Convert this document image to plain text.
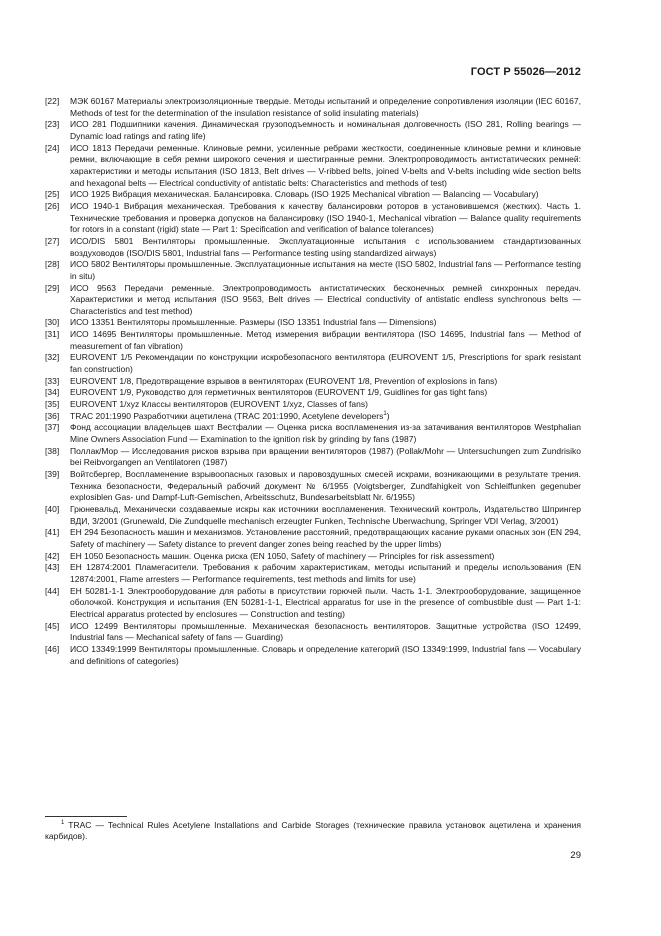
ГОСТ Р 55026—2012
[22]	МЭК 60167 Материалы электроизоляционные твердые. Методы испытаний и определение сопротивления изоляции (IEC 60167, Methods of test for the determination of the insulation resistance of solid insulating materials)
[23]	ИСО 281 Подшипники качения. Динамическая грузоподъемность и номинальная долговечность (ISO 281, Rolling bearings — Dynamic load ratings and rating life)
[24]	ИСО 1813 Передачи ременные. Клиновые ремни, усиленные ребрами жесткости, соединенные клиновые ремни и клиновые ремни, включающие в себя ремни широкого сечения и шестигранные ремни. Электропроводимость антистатических ремней: характеристики и методы испытания (ISO 1813, Belt drives — V-ribbed belts, joined V-belts and V-belts including wide section belts and hexagonal belts — Electrical conductivity of antistatic belts: Characteristics and methods of test)
[25]	ИСО 1925 Вибрация механическая. Балансировка. Словарь (ISO 1925 Mechanical vibration — Balancing — Vocabulary)
[26]	ИСО 1940-1 Вибрация механическая. Требования к качеству балансировки роторов в установившемся (жестких). Часть 1. Технические требования и проверка допусков на балансировку (ISO 1940-1, Mechanical vibration — Balance quality requirements for rotors in a constant (rigid) state — Part 1: Specification and verification of balance tolerances)
[27]	ИСО/DIS 5801 Вентиляторы промышленные. Эксплуатационные испытания с использованием стандартизованных воздуховодов (ISO/DIS 5801, Industrial fans — Performance testing using standardized airways)
[28]	ИСО 5802 Вентиляторы промышленные. Эксплуатационные испытания на месте (ISO 5802, Industrial fans — Performance testing in situ)
[29]	ИСО 9563 Передачи ременные. Электропроводимость антистатических бесконечных ремней синхронных передач. Характеристики и метод испытания (ISO 9563, Belt drives — Electrical conductivity of antistatic endless synchronous belts — Characteristics and test method)
[30]	ИСО 13351 Вентиляторы промышленные. Размеры (ISO 13351 Industrial fans — Dimensions)
[31]	ИСО 14695 Вентиляторы промышленные. Метод измерения вибрации вентилятора (ISO 14695, Industrial fans — Method of measurement of fan vibration)
[32]	EUROVENT 1/5 Рекомендации по конструкции искробезопасного вентилятора (EUROVENT 1/5, Prescriptions for spark resistant fan construction)
[33]	EUROVENT 1/8, Предотвращение взрывов в вентиляторах (EUROVENT 1/8, Prevention of explosions in fans)
[34]	EUROVENT 1/9, Руководство для герметичных вентиляторов (EUROVENT 1/9, Guidlines for gas tight fans)
[35]	EUROVENT 1/xyz Классы вентиляторов (EUROVENT 1/xyz, Classes of fans)
[36]	TRAC 201:1990 Разработчики ацетилена (TRAC 201:1990, Acetylene developers$^1$)
[37]	Фонд ассоциации владельцев шахт Вестфалии — Оценка риска воспламенения из-за затачивания вентиляторов Westphalian Mine Owners Association Fund — Examination to the ignition risk by grinding by fans (1987)
[38]	Поллак/Мор — Исследования рисков взрыва при вращении вентиляторов (1987) (Pollak/Mohr — Untersuchungen zum Zundrisiko bei Reibvorgangen an Ventilatoren (1987)
[39]	Войтсбергер, Воспламенение взрывоопасных газовых и паровоздушных смесей искрами, возникающими в результате трения. Техника безопасности, Федеральный рабочий документ № 6/1955 (Voigtsberger, Zundfahigkeit von Schleiffunken gegenuber explosiblen Gas- und Dampf-Luft-Gemischen, Arbeitsschutz, Bundesarbeitsblatt Nr. 6/1955)
[40]	Грюневальд, Механически создаваемые искры как источники воспламенения. Технический контроль, Издательство Шпрингер ВДИ, 3/2001 (Grunewald, Die Zundquelle mechanisch erzeugter Funken, Technische Uberwachung, Springer VDI Verlag, 3/2001)
[41]	ЕН 294 Безопасность машин и механизмов. Установление расстояний, предотвращающих касание руками опасных зон (EN 294, Safety of machinery — Safety distance to prevent danger zones being reached by the upper limbs)
[42]	ЕН 1050 Безопасность машин. Оценка риска (EN 1050, Safety of machinery — Principles for risk assessment)
[43]	ЕН 12874:2001 Пламегасители. Требования к рабочим характеристикам, методы испытаний и пределы использования (EN 12874:2001, Flame arresters — Performance requirements, test methods and limits for use)
[44]	ЕН 50281-1-1 Электрооборудование для работы в присутствии горючей пыли. Часть 1-1. Электрооборудование, защищенное оболочкой. Конструкция и испытания (EN 50281-1-1, Electrical apparatus for use in the presence of combustible dust — Part 1-1: Electrical apparatus protected by enclosures — Construction and testing)
[45]	ИСО 12499 Вентиляторы промышленные. Механическая безопасность вентиляторов. Защитные устройства (ISO 12499, Industrial fans — Mechanical safety of fans — Guarding)
[46]	ИСО 13349:1999 Вентиляторы промышленные. Словарь и определение категорий (ISO 13349:1999, Industrial fans — Vocabulary and definitions of categories)
$^1$ TRAC — Technical Rules Acetylene Installations and Carbide Storages (технические правила установок ацетилена и хранения карбидов).
29
